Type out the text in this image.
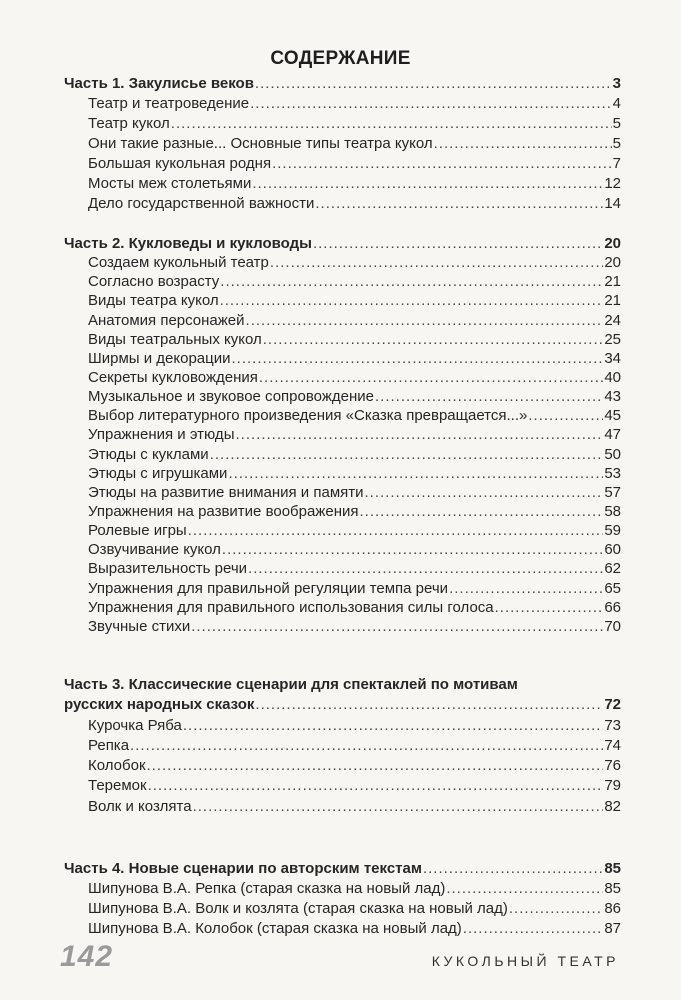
СОДЕРЖАНИЕ
Часть 1. Закулисье веков .....	3
Театр и театроведение .....	4
Театр кукол .....	5
Они такие разные... Основные типы театра кукол .....	5
Большая кукольная родня .....	7
Мосты меж столетьями .....	12
Дело государственной важности .....	14
Часть 2. Кукловеды и кукловоды .....	20
Создаем кукольный театр .....	20
Согласно возрасту .....	21
Виды театра кукол .....	21
Анатомия персонажей .....	24
Виды театральных кукол .....	25
Ширмы и декорации .....	34
Секреты кукловождения .....	40
Музыкальное и звуковое сопровождение .....	43
Выбор литературного произведения «Сказка превращается...» .....	45
Упражнения и этюды .....	47
Этюды с куклами .....	50
Этюды с игрушками .....	53
Этюды на развитие внимания и памяти .....	57
Упражнения на развитие воображения .....	58
Ролевые игры .....	59
Озвучивание кукол .....	60
Выразительность речи .....	62
Упражнения для правильной регуляции темпа речи .....	65
Упражнения для правильного использования силы голоса .....	66
Звучные стихи .....	70
Часть 3. Классические сценарии для спектаклей по мотивам
русских народных сказок .....	72
Курочка Ряба .....	73
Репка .....	74
Колобок .....	76
Теремок .....	79
Волк и козлята .....	82
Часть 4. Новые сценарии по авторским текстам .....	85
Шипунова В.А. Репка (старая сказка на новый лад) .....	85
Шипунова В.А. Волк и козлята (старая сказка на новый лад) .....	86
Шипунова В.А. Колобок (старая сказка на новый лад) .....	87
142	КУКОЛЬНЫЙ ТЕАТР
